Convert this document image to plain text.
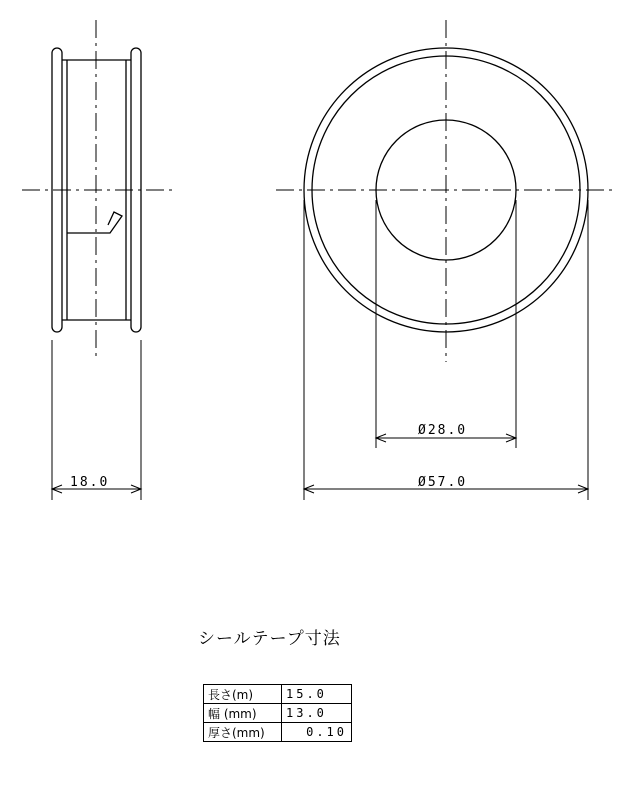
18.0
Ø28.0
Ø57.0
シールテープ寸法
長さ(m)	15.0
幅 (mm)	13.0
厚さ(mm)	0.10
